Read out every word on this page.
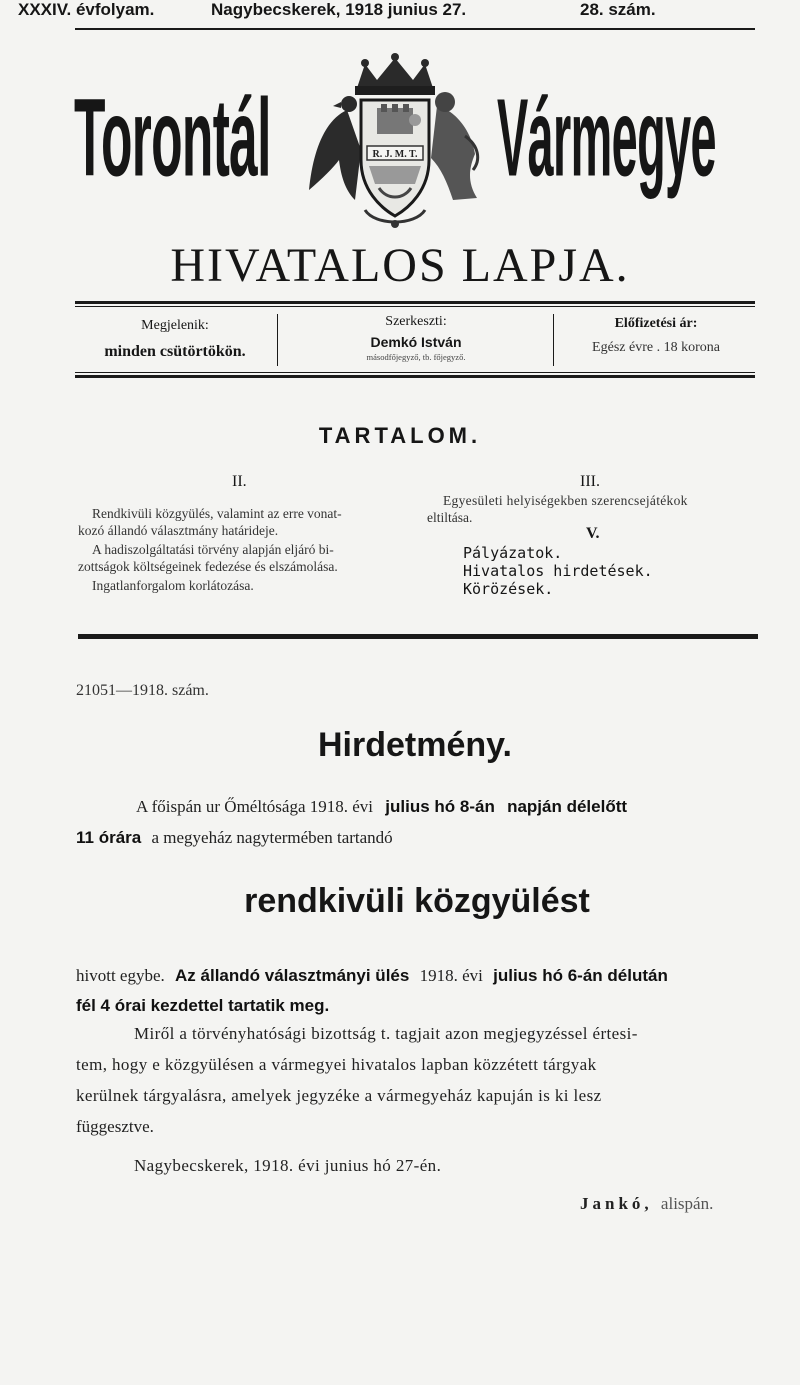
XXXIV. évfolyam.	Nagybecskerek, 1918 junius 27.	28. szám.
Torontál	Vármegye
R. J. M. T.
HIVATALOS LAPJA.
Megjelenik:
minden csütörtökön.
Szerkeszti:
Demkó István
másodfőjegyző, tb. főjegyző.
Előfizetési ár:
Egész évre . 18 korona
TARTALOM.
II.
Rendkivüli közgyülés, valamint az erre vonat-
kozó állandó választmány határideje.
A hadiszolgáltatási törvény alapján eljáró bi-
zottságok költségeinek fedezése és elszámolása.
Ingatlanforgalom korlátozása.
III.
Egyesületi helyiségekben szerencsejátékok
eltiltása.
V.
Pályázatok.
Hivatalos hirdetések.
Körözések.
21051—1918. szám.
Hirdetmény.
A főispán ur Őméltósága 1918. évi julius hó 8-án napján délelőtt
11 órára a megyeház nagytermében tartandó
rendkivüli közgyülést
hivott egybe. Az állandó választmányi ülés 1918. évi julius hó 6-án délután
fél 4 órai kezdettel tartatik meg.
Miről a törvényhatósági bizottság t. tagjait azon megjegyzéssel értesi-
tem, hogy e közgyülésen a vármegyei hivatalos lapban közzétett tárgyak
kerülnek tárgyalásra, amelyek jegyzéke a vármegyeház kapuján is ki lesz
függesztve.
Nagybecskerek, 1918. évi junius hó 27-én.
Jankó, alispán.
